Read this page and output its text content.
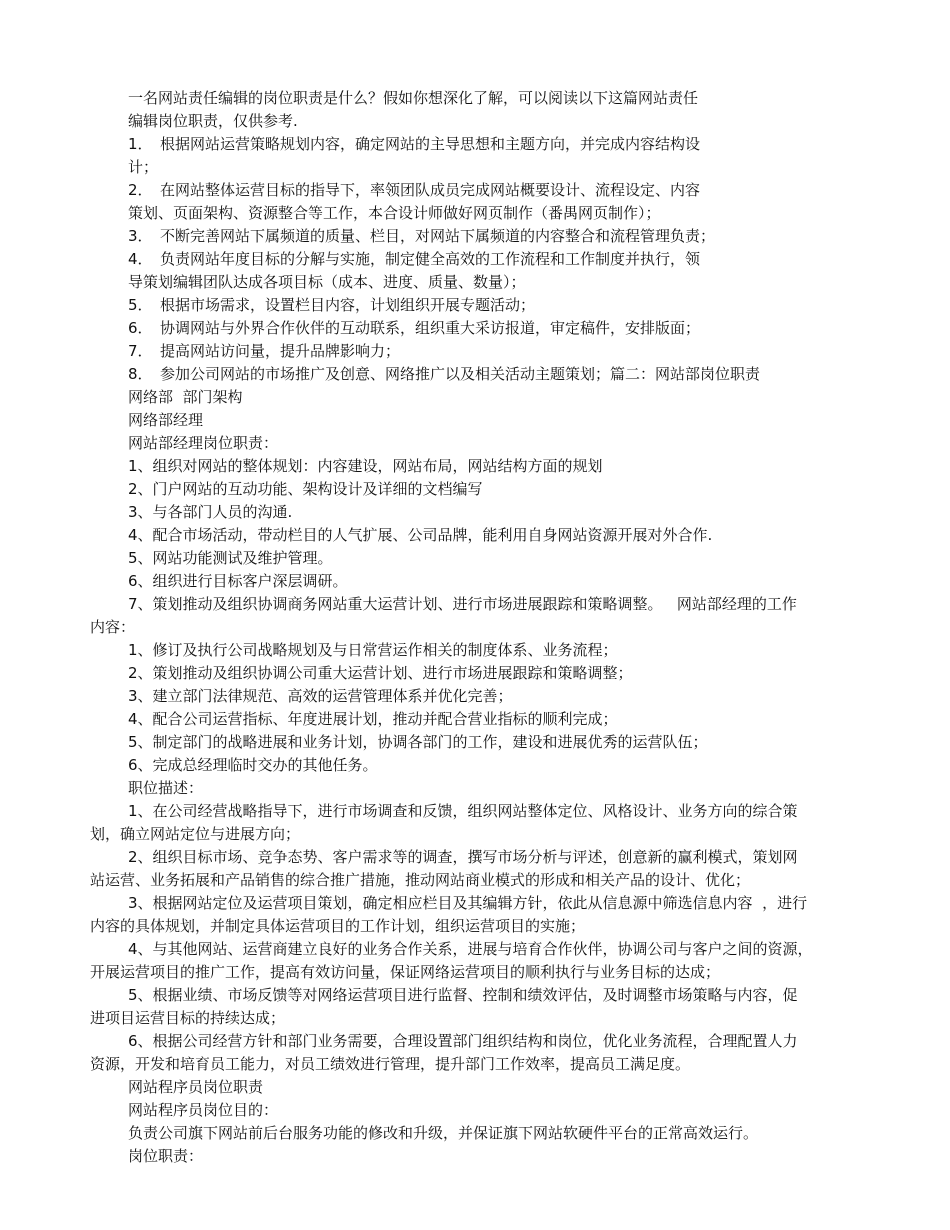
一名网站责任编辑的岗位职责是什么？假如你想深化了解，可以阅读以下这篇网站责任
编辑岗位职责，仅供参考.
1．　根据网站运营策略规划内容，确定网站的主导思想和主题方向，并完成内容结构设
计；
2．　在网站整体运营目标的指导下，率领团队成员完成网站概要设计、流程设定、内容
策划、页面架构、资源整合等工作，本合设计师做好网页制作（番禺网页制作）；
3．　不断完善网站下属频道的质量、栏目，对网站下属频道的内容整合和流程管理负责；
4．　负责网站年度目标的分解与实施，制定健全高效的工作流程和工作制度并执行，领
导策划编辑团队达成各项目标（成本、进度、质量、数量）；
5．　根据市场需求，设置栏目内容，计划组织开展专题活动；
6．　协调网站与外界合作伙伴的互动联系，组织重大采访报道，审定稿件，安排版面；
7．　提高网站访问量，提升品牌影响力；
8．　参加公司网站的市场推广及创意、网络推广以及相关活动主题策划；篇二：网站部岗位职责
网络部  部门架构
网络部经理
网站部经理岗位职责：
1、组织对网站的整体规划：内容建设，网站布局，网站结构方面的规划
2、门户网站的互动功能、架构设计及详细的文档编写
3、与各部门人员的沟通.
4、配合市场活动，带动栏目的人气扩展、公司品牌，能利用自身网站资源开展对外合作.
5、网站功能测试及维护管理。
6、组织进行目标客户深层调研。
7、策划推动及组织协调商务网站重大运营计划、进行市场进展跟踪和策略调整。   网站部经理的工作
内容：
1、修订及执行公司战略规划及与日常营运作相关的制度体系、业务流程；
2、策划推动及组织协调公司重大运营计划、进行市场进展跟踪和策略调整；
3、建立部门法律规范、高效的运营管理体系并优化完善；
4、配合公司运营指标、年度进展计划，推动并配合营业指标的顺利完成；
5、制定部门的战略进展和业务计划，协调各部门的工作，建设和进展优秀的运营队伍；
6、完成总经理临时交办的其他任务。
职位描述：
1、在公司经营战略指导下，进行市场调查和反馈，组织网站整体定位、风格设计、业务方向的综合策
划，确立网站定位与进展方向；
2、组织目标市场、竞争态势、客户需求等的调查，撰写市场分析与评述，创意新的赢利模式，策划网
站运营、业务拓展和产品销售的综合推广措施，推动网站商业模式的形成和相关产品的设计、优化；
3、根据网站定位及运营项目策划，确定相应栏目及其编辑方针，依此从信息源中筛选信息内容  ，进行
内容的具体规划，并制定具体运营项目的工作计划，组织运营项目的实施；
4、与其他网站、运营商建立良好的业务合作关系，进展与培育合作伙伴，协调公司与客户之间的资源，
开展运营项目的推广工作，提高有效访问量，保证网络运营项目的顺利执行与业务目标的达成；
5、根据业绩、市场反馈等对网络运营项目进行监督、控制和绩效评估，及时调整市场策略与内容，促
进项目运营目标的持续达成；
6、根据公司经营方针和部门业务需要，合理设置部门组织结构和岗位，优化业务流程，合理配置人力
资源，开发和培育员工能力，对员工绩效进行管理，提升部门工作效率，提高员工满足度。
网站程序员岗位职责
网站程序员岗位目的：
负责公司旗下网站前后台服务功能的修改和升级，并保证旗下网站软硬件平台的正常高效运行。
岗位职责：
